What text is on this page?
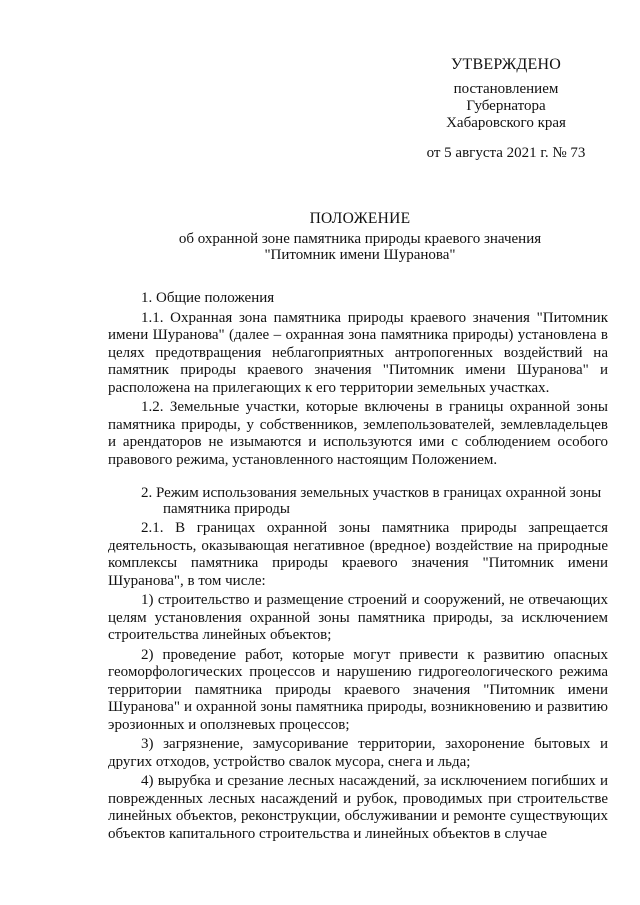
УТВЕРЖДЕНО
постановлением
Губернатора
Хабаровского края
от 5 августа 2021 г. № 73
ПОЛОЖЕНИЕ
об охранной зоне памятника природы краевого значения
"Питомник имени Шуранова"

1. Общие положения

1.1. Охранная зона памятника природы краевого значения "Питомник имени Шуранова" (далее – охранная зона памятника природы) установлена в целях предотвращения неблагоприятных антропогенных воздействий на памятник природы краевого значения "Питомник имени Шуранова" и расположена на прилегающих к его территории земельных участках.

1.2. Земельные участки, которые включены в границы охранной зоны памятника природы, у собственников, землепользователей, землевладельцев и арендаторов не изымаются и используются ими с соблюдением особого правового режима, установленного настоящим Положением.

2. Режим использования земельных участков в границах охранной зоны

памятника природы

2.1. В границах охранной зоны памятника природы запрещается деятельность, оказывающая негативное (вредное) воздействие на природные комплексы памятника природы краевого значения "Питомник имени Шуранова", в том числе:

1) строительство и размещение строений и сооружений, не отвечающих целям установления охранной зоны памятника природы, за исключением строительства линейных объектов;

2) проведение работ, которые могут привести к развитию опасных геоморфологических процессов и нарушению гидрогеологического режима территории памятника природы краевого значения "Питомник имени Шуранова" и охранной зоны памятника природы, возникновению и развитию эрозионных и оползневых процессов;

3) загрязнение, замусоривание территории, захоронение бытовых и других отходов, устройство свалок мусора, снега и льда;

4) вырубка и срезание лесных насаждений, за исключением погибших и поврежденных лесных насаждений и рубок, проводимых при строительстве линейных объектов, реконструкции, обслуживании и ремонте существующих объектов капитального строительства и линейных объектов в случае
